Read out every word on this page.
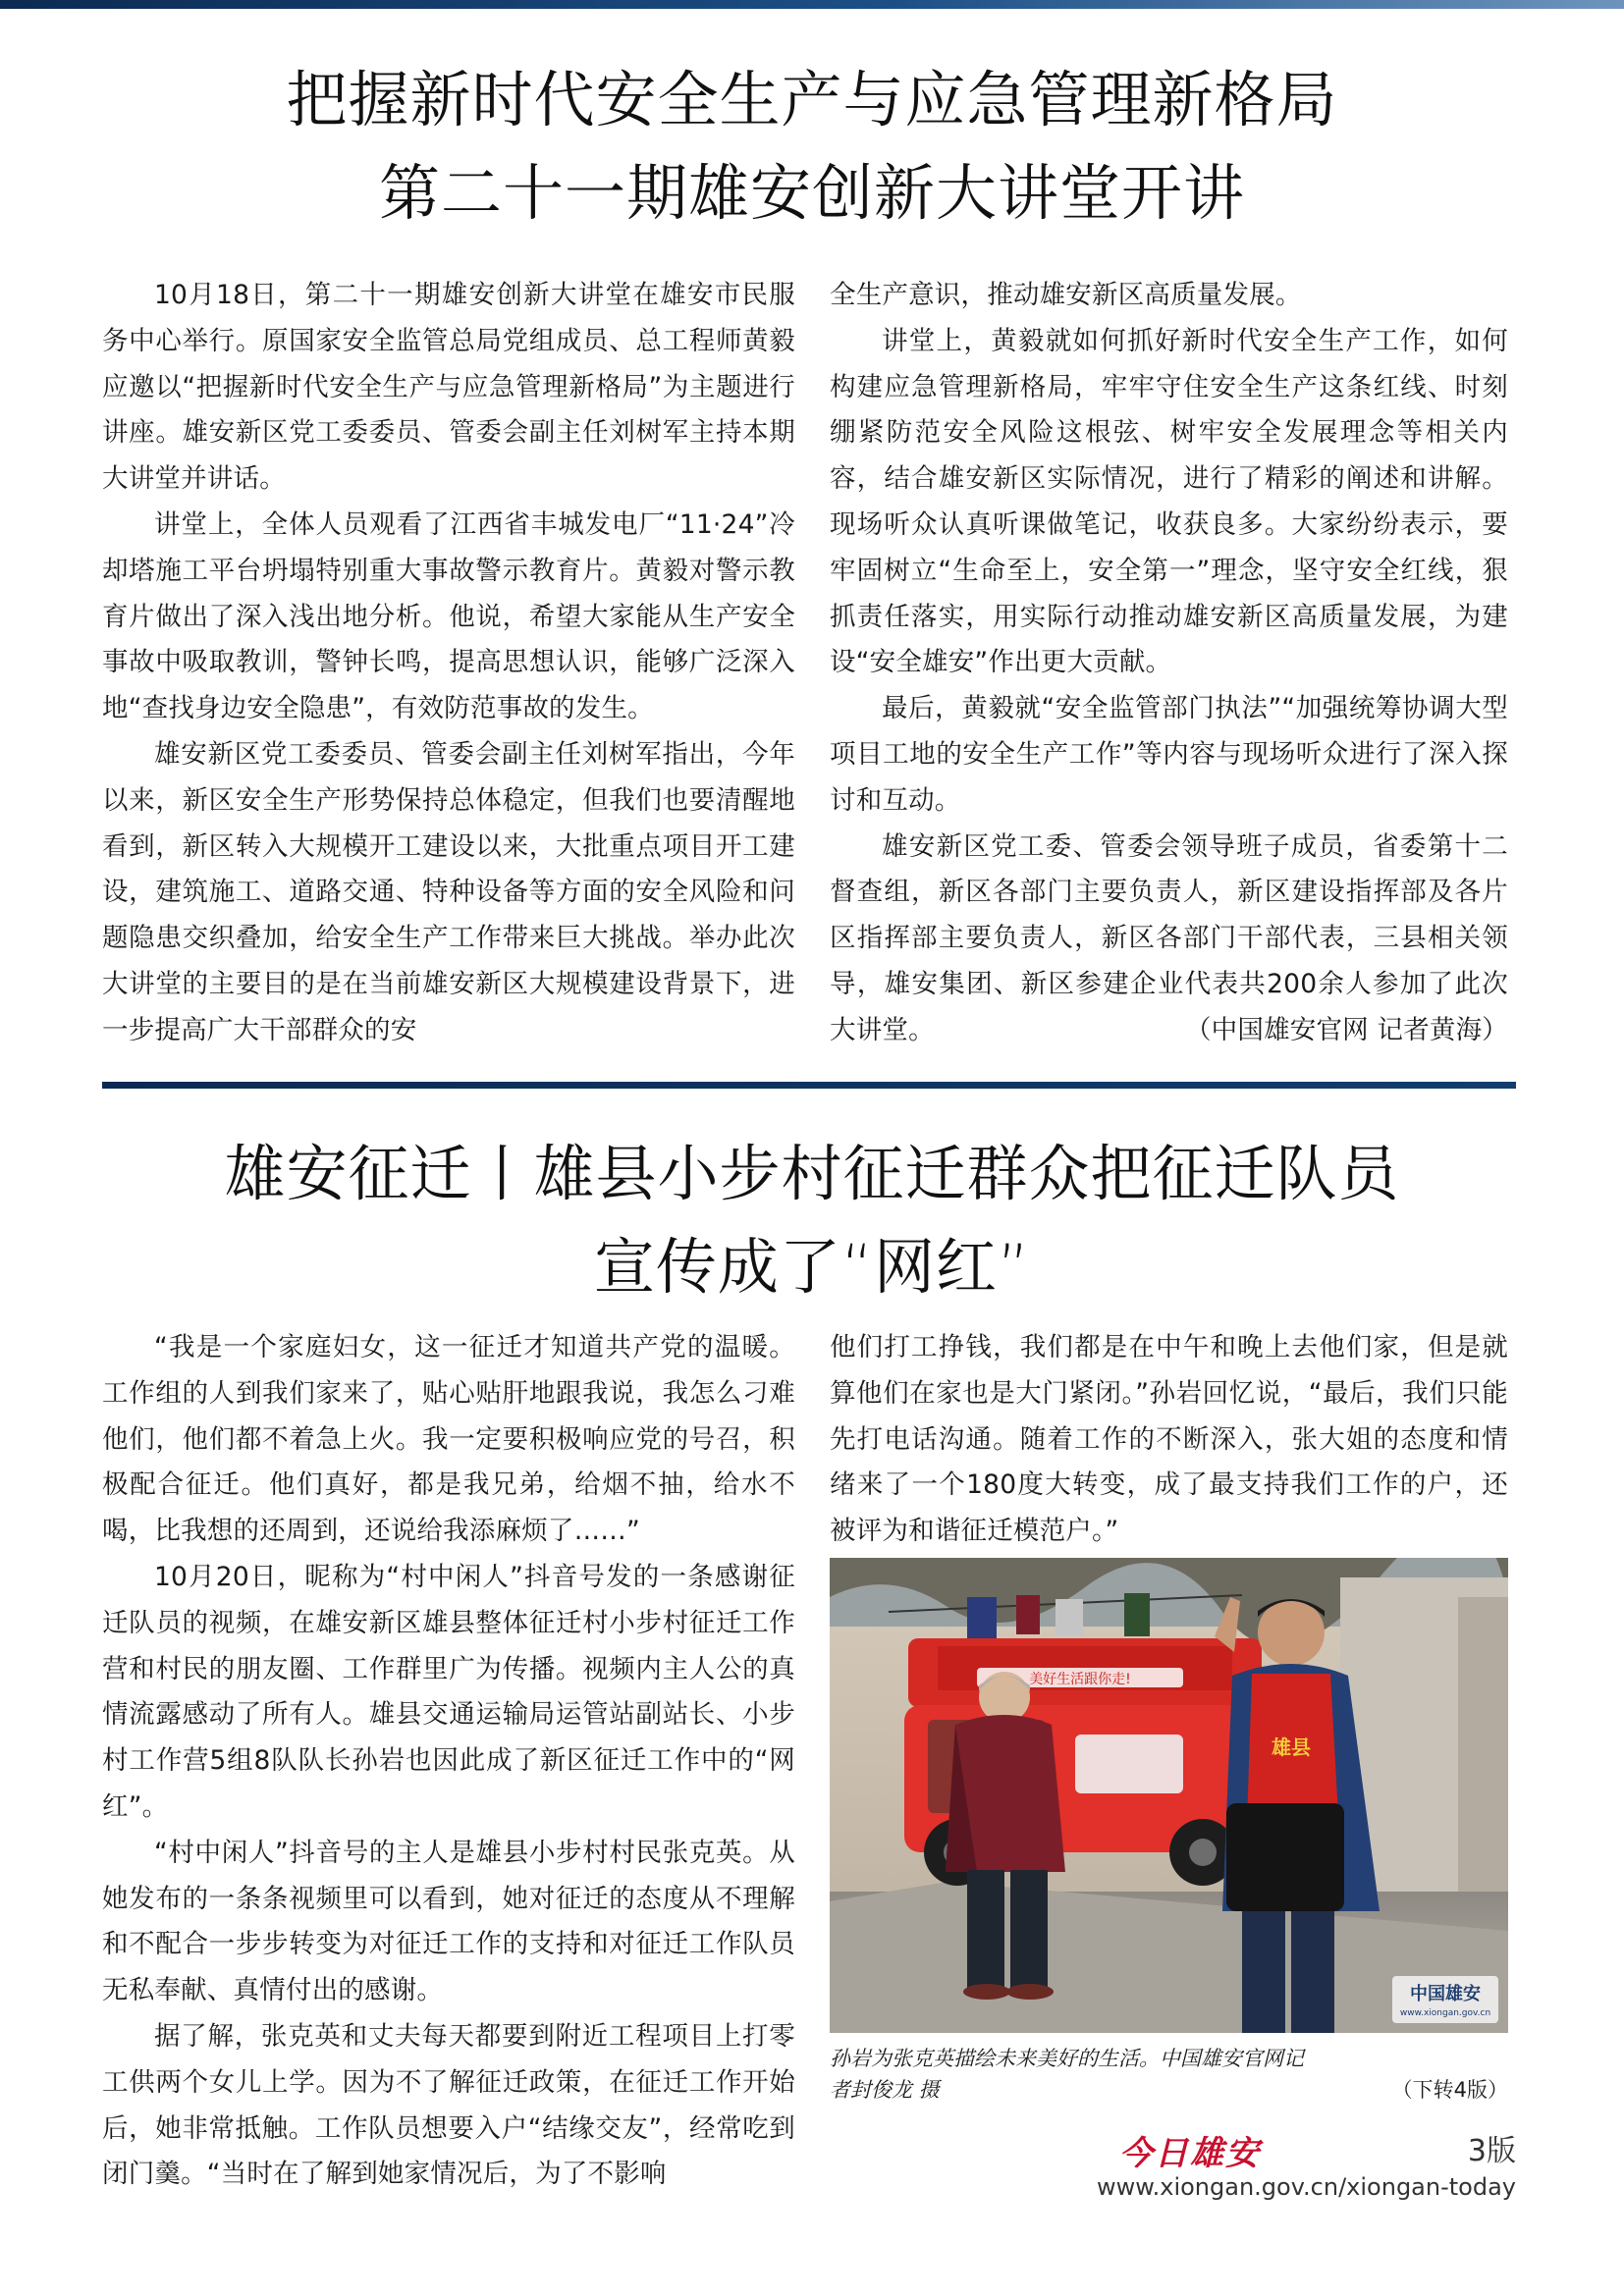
把握新时代安全生产与应急管理新格局
第二十一期雄安创新大讲堂开讲

10月18日，第二十一期雄安创新大讲堂在雄安市民服务中心举行。原国家安全监管总局党组成员、总工程师黄毅应邀以“把握新时代安全生产与应急管理新格局”为主题进行讲座。雄安新区党工委委员、管委会副主任刘树军主持本期大讲堂并讲话。

讲堂上，全体人员观看了江西省丰城发电厂“11·24”冷却塔施工平台坍塌特别重大事故警示教育片。黄毅对警示教育片做出了深入浅出地分析。他说，希望大家能从生产安全事故中吸取教训，警钟长鸣，提高思想认识，能够广泛深入地“查找身边安全隐患”，有效防范事故的发生。

雄安新区党工委委员、管委会副主任刘树军指出，今年以来，新区安全生产形势保持总体稳定，但我们也要清醒地看到，新区转入大规模开工建设以来，大批重点项目开工建设，建筑施工、道路交通、特种设备等方面的安全风险和问题隐患交织叠加，给安全生产工作带来巨大挑战。举办此次大讲堂的主要目的是在当前雄安新区大规模建设背景下，进一步提高广大干部群众的安

全生产意识，推动雄安新区高质量发展。

讲堂上，黄毅就如何抓好新时代安全生产工作，如何构建应急管理新格局，牢牢守住安全生产这条红线、时刻绷紧防范安全风险这根弦、树牢安全发展理念等相关内容，结合雄安新区实际情况，进行了精彩的阐述和讲解。现场听众认真听课做笔记，收获良多。大家纷纷表示，要牢固树立“生命至上，安全第一”理念，坚守安全红线，狠抓责任落实，用实际行动推动雄安新区高质量发展，为建设“安全雄安”作出更大贡献。

最后，黄毅就“安全监管部门执法”“加强统筹协调大型项目工地的安全生产工作”等内容与现场听众进行了深入探讨和互动。

雄安新区党工委、管委会领导班子成员，省委第十二督查组，新区各部门主要负责人，新区建设指挥部及各片区指挥部主要负责人，新区各部门干部代表，三县相关领导，雄安集团、新区参建企业代表共200余人参加了此次大讲堂。	（中国雄安官网 记者黄海）

雄安征迁丨雄县小步村征迁群众把征迁队员
宣传成了“网红”

“我是一个家庭妇女，这一征迁才知道共产党的温暖。工作组的人到我们家来了，贴心贴肝地跟我说，我怎么刁难他们，他们都不着急上火。我一定要积极响应党的号召，积极配合征迁。他们真好，都是我兄弟，给烟不抽，给水不喝，比我想的还周到，还说给我添麻烦了……”

10月20日，昵称为“村中闲人”抖音号发的一条感谢征迁队员的视频，在雄安新区雄县整体征迁村小步村征迁工作营和村民的朋友圈、工作群里广为传播。视频内主人公的真情流露感动了所有人。雄县交通运输局运管站副站长、小步村工作营5组8队队长孙岩也因此成了新区征迁工作中的“网红”。

“村中闲人”抖音号的主人是雄县小步村村民张克英。从她发布的一条条视频里可以看到，她对征迁的态度从不理解和不配合一步步转变为对征迁工作的支持和对征迁工作队员无私奉献、真情付出的感谢。

据了解，张克英和丈夫每天都要到附近工程项目上打零工供两个女儿上学。因为不了解征迁政策，在征迁工作开始后，她非常抵触。工作队员想要入户“结缘交友”，经常吃到闭门羹。“当时在了解到她家情况后，为了不影响

他们打工挣钱，我们都是在中午和晚上去他们家，但是就算他们在家也是大门紧闭。”孙岩回忆说，“最后，我们只能先打电话沟通。随着工作的不断深入，张大姐的态度和情绪来了一个180度大转变，成了最支持我们工作的户，还被评为和谐征迁模范户。”

美好生活跟你走!
雄县
中国雄安
www.xiongan.gov.cn
孙岩为张克英描绘未来美好的生活。中国雄安官网记
者封俊龙 摄	（下转4版）
今日雄安	3版
www.xiongan.gov.cn/xiongan-today
